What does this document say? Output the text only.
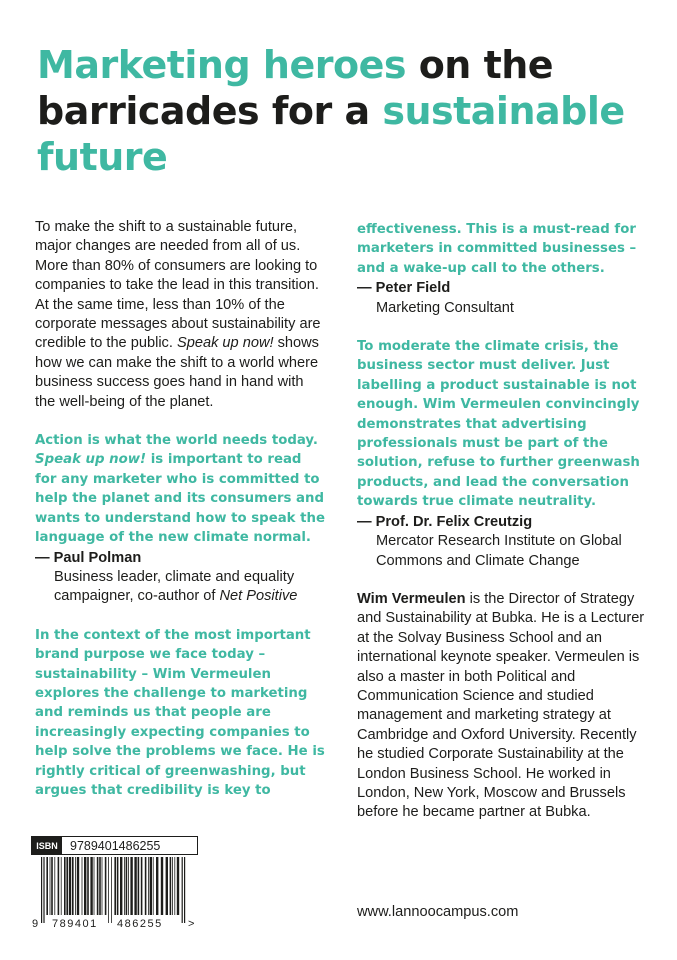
Marketing heroes on the barricades for a sustainable future

To make the shift to a sustainable future, major changes are needed from all of us. More than 80% of consumers are looking to companies to take the lead in this transition. At the same time, less than 10% of the corporate messages about sustainability are credible to the public. Speak up now! shows how we can make the shift to a world where business success goes hand in hand with the well-being of the planet.

Action is what the world needs today. Speak up now! is important to read for any marketer who is committed to help the planet and its consumers and wants to understand how to speak the language of the new climate normal.

— Paul Polman
Business leader, climate and equality campaigner, co-author of Net Positive

In the context of the most important brand purpose we face today – sustainability – Wim Vermeulen explores the challenge to marketing and reminds us that people are increasingly expecting companies to help solve the problems we face. He is rightly critical of greenwashing, but argues that credibility is key to

effectiveness. This is a must-read for marketers in committed businesses – and a wake-up call to the others.

— Peter Field
Marketing Consultant

To moderate the climate crisis, the business sector must deliver. Just labelling a product sustainable is not enough. Wim Vermeulen convincingly demonstrates that advertising professionals must be part of the solution, refuse to further greenwash products, and lead the conversation towards true climate neutrality.

— Prof. Dr. Felix Creutzig
Mercator Research Institute on Global Commons and Climate Change

Wim Vermeulen is the Director of Strategy and Sustainability at Bubka. He is a Lecturer at the Solvay Business School and an international keynote speaker. Vermeulen is also a master in both Political and Communication Science and studied management and marketing strategy at Cambridge and Oxford University. Recently he studied Corporate Sustainability at the London Business School. He worked in London, New York, Moscow and Brussels before he became partner at Bubka.

ISBN 9789401486255
9 789401 486255 >
www.lannoocampus.com
